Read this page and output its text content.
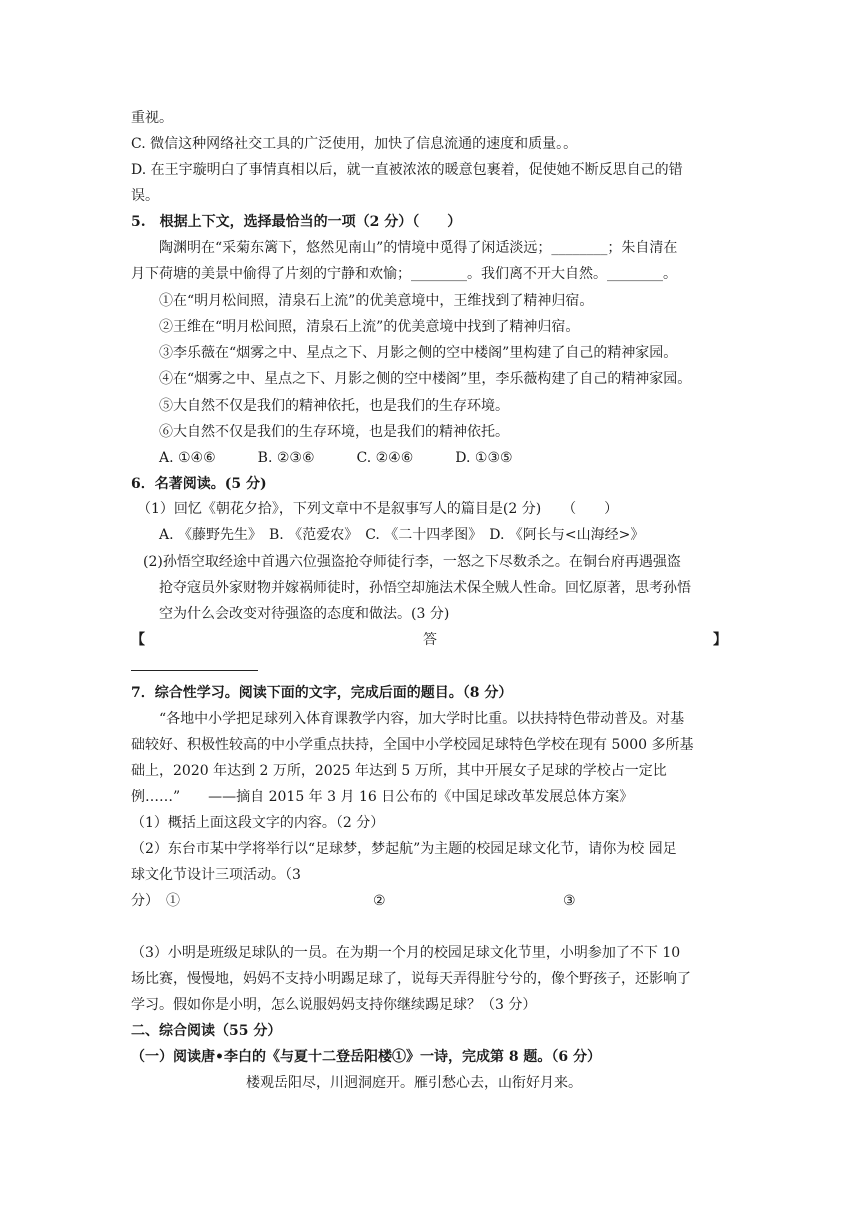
重视。
C. 微信这种网络社交工具的广泛使用，加快了信息流通的速度和质量。。
D. 在王宇璇明白了事情真相以后，就一直被浓浓的暖意包裹着，促使她不断反思自己的错
误。
5.　根据上下文，选择最恰当的一项（2 分）（　　）
陶渊明在“采菊东篱下，悠然见南山”的情境中觅得了闲适淡远；________；朱自清在
月下荷塘的美景中偷得了片刻的宁静和欢愉；________。我们离不开大自然。________。
①在“明月松间照，清泉石上流”的优美意境中，王维找到了精神归宿。
②王维在“明月松间照，清泉石上流”的优美意境中找到了精神归宿。
③李乐薇在“烟雾之中、星点之下、月影之侧的空中楼阁”里构建了自己的精神家园。
④在“烟雾之中、星点之下、月影之侧的空中楼阁”里，李乐薇构建了自己的精神家园。
⑤大自然不仅是我们的精神依托，也是我们的生存环境。
⑥大自然不仅是我们的生存环境，也是我们的精神依托。
A. ①④⑥　　　B. ②③⑥　　　C. ②④⑥　　　D. ①③⑤
6．名著阅读。(5 分)
（1）回忆《朝花夕拾》，下列文章中不是叙事写人的篇目是(2 分)　　（　　）
A. 《藤野先生》　B. 《范爱农》　C. 《二十四孝图》　D. 《阿长与<山海经>》
(2)孙悟空取经途中首遇六位强盗抢夺师徒行李，一怒之下尽数杀之。在铜台府再遇强盗
抢夺寇员外家财物并嫁祸师徒时，孙悟空却施法术保全贼人性命。回忆原著，思考孙悟
空为什么会改变对待强盗的态度和做法。(3 分)
【	答	】
7．综合性学习。阅读下面的文字，完成后面的题目。（8 分）
“各地中小学把足球列入体育课教学内容，加大学时比重。以扶持特色带动普及。对基
础较好、积极性较高的中小学重点扶持，全国中小学校园足球特色学校在现有 5000 多所基
础上，2020 年达到 2 万所，2025 年达到 5 万所，其中开展女子足球的学校占一定比
例……”　　——摘自 2015 年 3 月 16 日公布的《中国足球改革发展总体方案》
（1）概括上面这段文字的内容。（2 分）
（2）东台市某中学将举行以“足球梦，梦起航”为主题的校园足球文化节，请你为校 园足
球文化节设计三项活动。（3
分）　①	②	③
（3）小明是班级足球队的一员。在为期一个月的校园足球文化节里，小明参加了不下 10
场比赛，慢慢地，妈妈不支持小明踢足球了，说每天弄得脏兮兮的，像个野孩子，还影响了
学习。假如你是小明，怎么说服妈妈支持你继续踢足球？（3 分）
二、综合阅读（55 分）
（一）阅读唐•李白的《与夏十二登岳阳楼①》一诗，完成第 8 题。（6 分）
楼观岳阳尽，川迥洞庭开。雁引愁心去，山衔好月来。
